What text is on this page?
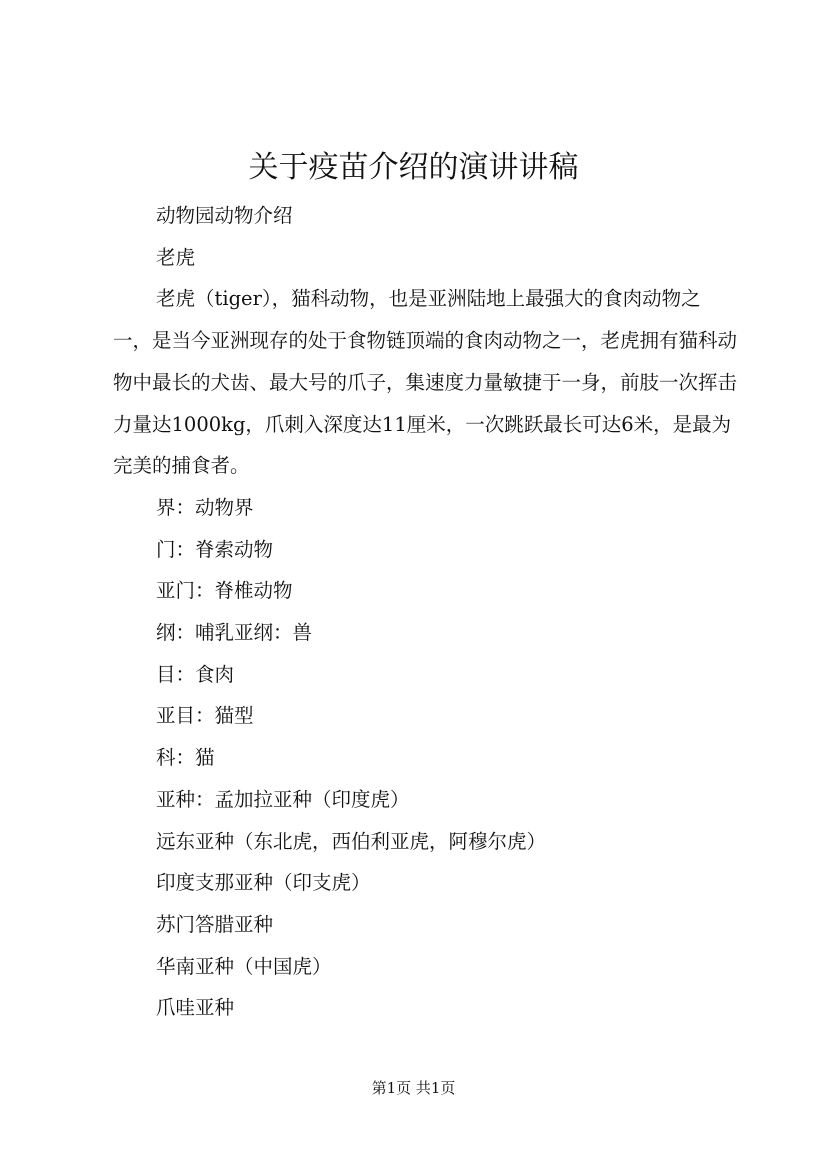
关于疫苗介绍的演讲讲稿

动物园动物介绍

老虎

老虎（tiger），猫科动物，也是亚洲陆地上最强大的食肉动物之一，是当今亚洲现存的处于食物链顶端的食肉动物之一，老虎拥有猫科动物中最长的犬齿、最大号的爪子，集速度力量敏捷于一身，前肢一次挥击力量达1000kg，爪刺入深度达11厘米，一次跳跃最长可达6米，是最为完美的捕食者。

界：动物界

门：脊索动物

亚门：脊椎动物

纲：哺乳亚纲：兽

目：食肉

亚目：猫型

科：猫

亚种：孟加拉亚种（印度虎）

远东亚种（东北虎，西伯利亚虎，阿穆尔虎）

印度支那亚种（印支虎）

苏门答腊亚种

华南亚种（中国虎）

爪哇亚种

第1页 共1页
